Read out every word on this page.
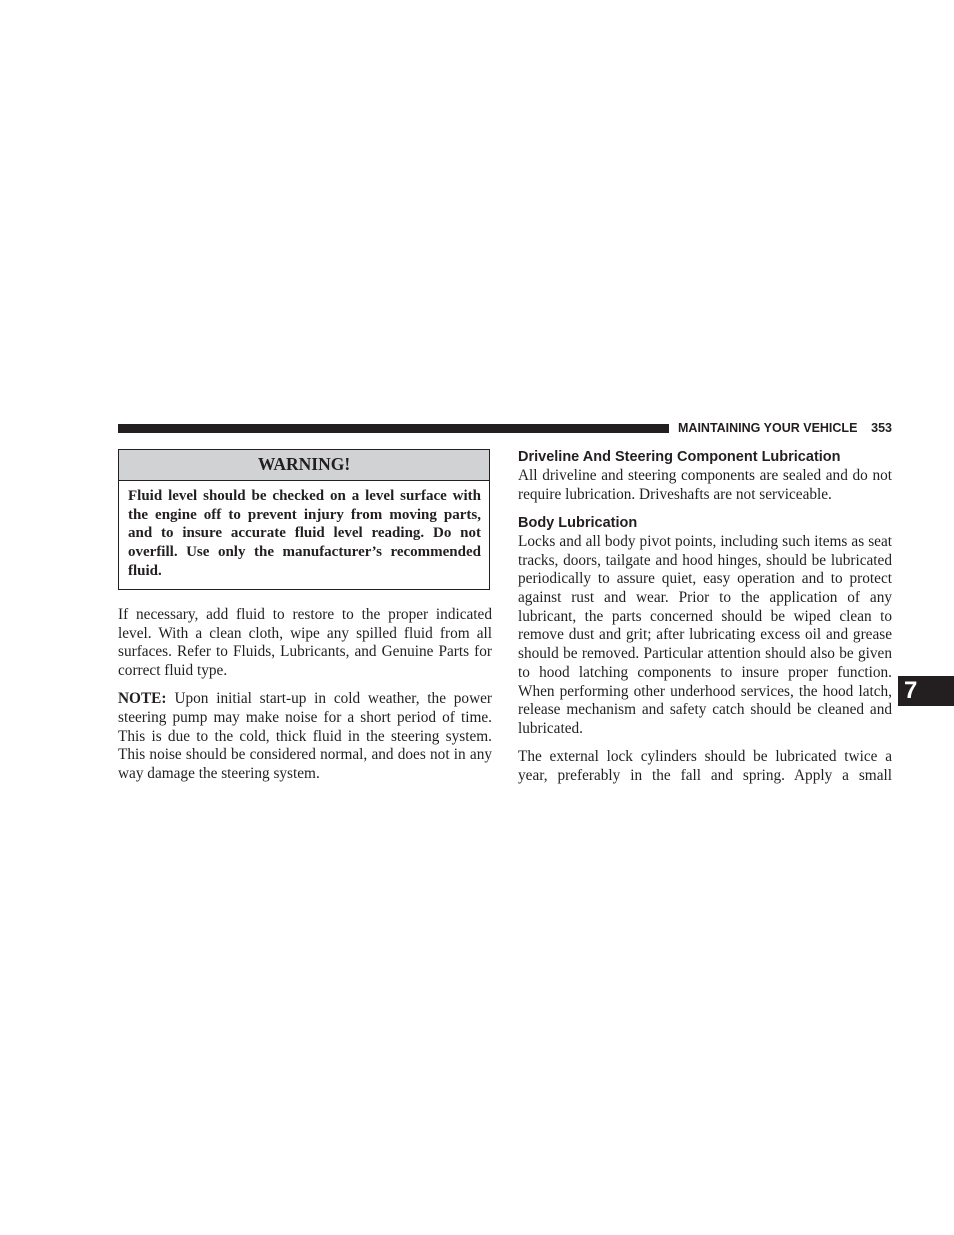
MAINTAINING YOUR VEHICLE 353
WARNING!
Fluid level should be checked on a level surface with the engine off to prevent injury from moving parts, and to insure accurate fluid level reading. Do not overfill. Use only the manufacturer’s recommended fluid.

If necessary, add fluid to restore to the proper indicated level. With a clean cloth, wipe any spilled fluid from all surfaces. Refer to Fluids, Lubricants, and Genuine Parts for correct fluid type.

NOTE: Upon initial start-up in cold weather, the power steering pump may make noise for a short period of time. This is due to the cold, thick fluid in the steering system. This noise should be considered normal, and does not in any way damage the steering system.

Driveline And Steering Component Lubrication

All driveline and steering components are sealed and do not require lubrication. Driveshafts are not serviceable.

Body Lubrication

Locks and all body pivot points, including such items as seat tracks, doors, tailgate and hood hinges, should be lubricated periodically to assure quiet, easy operation and to protect against rust and wear. Prior to the application of any lubricant, the parts concerned should be wiped clean to remove dust and grit; after lubricating excess oil and grease should be removed. Particular attention should also be given to hood latching components to insure proper function. When performing other underhood services, the hood latch, release mechanism and safety catch should be cleaned and lubricated.

The external lock cylinders should be lubricated twice a year, preferably in the fall and spring. Apply a small

7
